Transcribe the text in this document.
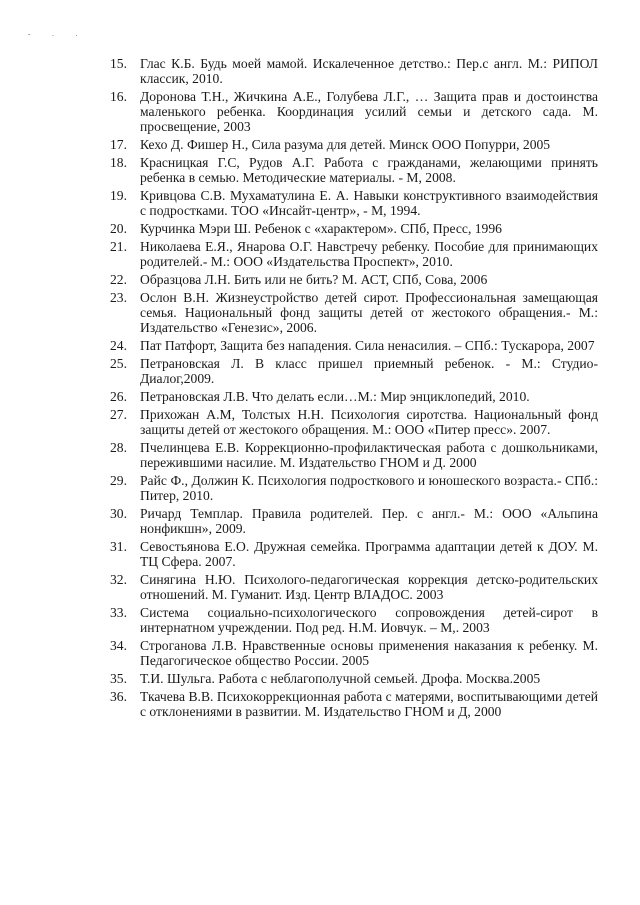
- . .
15. Глас К.Б. Будь моей мамой. Искалеченное детство.: Пер.с англ. М.: РИПОЛ классик, 2010.
16. Доронова Т.Н., Жичкина А.Е., Голубева Л.Г., … Защита прав и достоинства маленького ребенка. Координация усилий семьи и детского сада. М. просвещение, 2003
17. Кехо Д. Фишер Н., Сила разума для детей. Минск ООО Попурри, 2005
18. Красницкая Г.С, Рудов А.Г. Работа с гражданами, желающими принять ребенка в семью. Методические материалы. - М, 2008.
19. Кривцова С.В. Мухаматулина Е. А. Навыки конструктивного взаимодействия с подростками. ТОО «Инсайт-центр», - М, 1994.
20. Курчинка Мэри Ш. Ребенок с «характером». СПб, Пресс, 1996
21. Николаева Е.Я., Янарова О.Г. Навстречу ребенку. Пособие для принимающих родителей.- М.: ООО «Издательства Проспект», 2010.
22. Образцова Л.Н. Бить или не бить? М. АСТ, СПб, Сова, 2006
23. Ослон В.Н. Жизнеустройство детей сирот. Профессиональная замещающая семья. Национальный фонд защиты детей от жестокого обращения.- М.: Издательство «Генезис», 2006.
24. Пат Патфорт, Защита без нападения. Сила ненасилия. – СПб.: Тускарора, 2007
25. Петрановская Л. В класс пришел приемный ребенок. - М.: Студио-Диалог,2009.
26. Петрановская Л.В. Что делать если…М.: Мир энциклопедий, 2010.
27. Прихожан А.М, Толстых Н.Н. Психология сиротства. Национальный фонд защиты детей от жестокого обращения. М.: ООО «Питер пресс». 2007.
28. Пчелинцева Е.В. Коррекционно-профилактическая работа с дошкольниками, пережившими насилие. М. Издательство ГНОМ и Д. 2000
29. Райс Ф., Должин К. Психология подросткового и юношеского возраста.- СПб.: Питер, 2010.
30. Ричард Темплар. Правила родителей. Пер. с англ.- М.: ООО «Альпина нонфикшн», 2009.
31. Севостьянова Е.О. Дружная семейка. Программа адаптации детей к ДОУ. М. ТЦ Сфера. 2007.
32. Синягина Н.Ю. Психолого-педагогическая коррекция детско-родительских отношений. М. Гуманит. Изд. Центр ВЛАДОС. 2003
33. Система социально-психологического сопровождения детей-сирот в интернатном учреждении. Под ред. Н.М. Иовчук. – М,. 2003
34. Строганова Л.В. Нравственные основы применения наказания к ребенку. М. Педагогическое общество России. 2005
35. Т.И. Шульга. Работа с неблагополучной семьей. Дрофа. Москва.2005
36. Ткачева В.В. Психокоррекционная работа с матерями, воспитывающими детей с отклонениями в развитии. М. Издательство ГНОМ и Д, 2000
